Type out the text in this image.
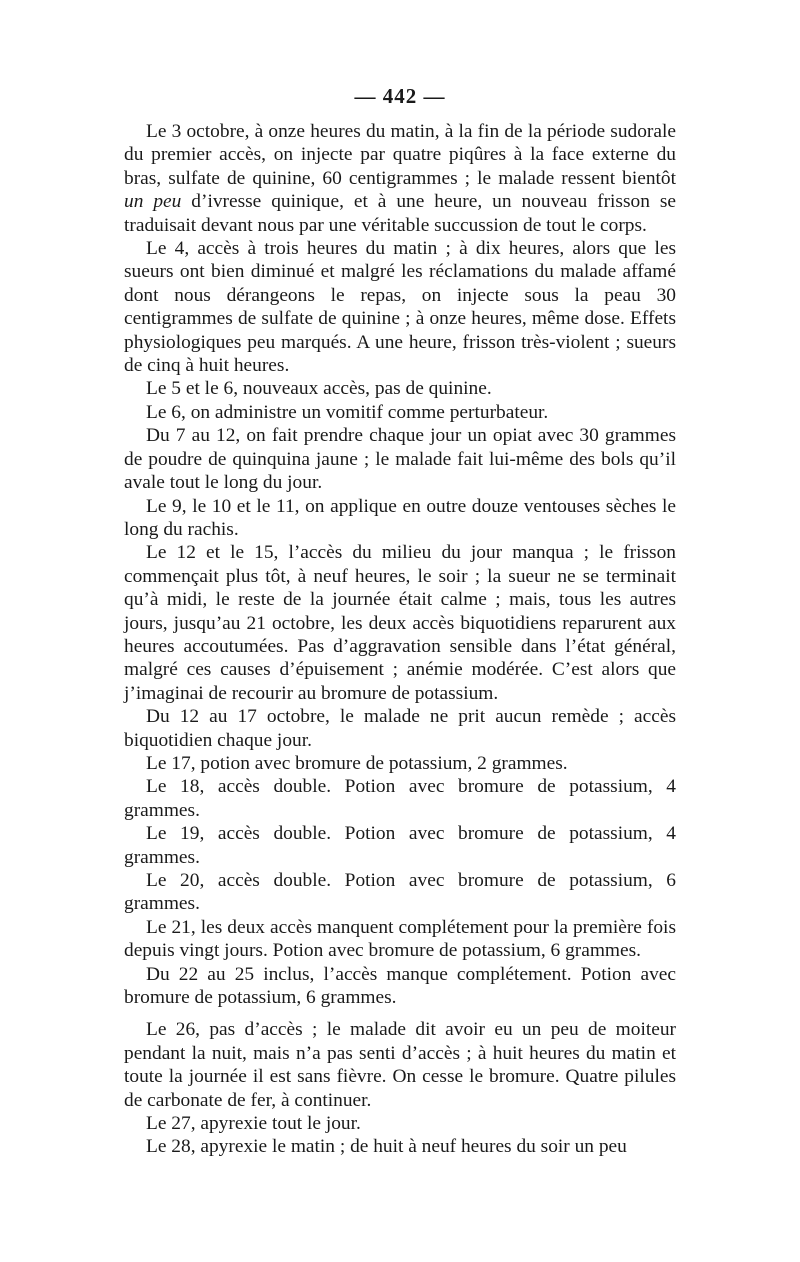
— 442 —

Le 3 octobre, à onze heures du matin, à la fin de la période sudorale du premier accès, on injecte par quatre piqûres à la face externe du bras, sulfate de quinine, 60 centigrammes ; le malade ressent bientôt un peu d’ivresse quinique, et à une heure, un nouveau frisson se traduisait devant nous par une véritable succussion de tout le corps.

Le 4, accès à trois heures du matin ; à dix heures, alors que les sueurs ont bien diminué et malgré les réclamations du malade affamé dont nous dérangeons le repas, on injecte sous la peau 30 centigrammes de sulfate de quinine ; à onze heures, même dose. Effets physiologiques peu marqués. A une heure, frisson très-violent ; sueurs de cinq à huit heures.

Le 5 et le 6, nouveaux accès, pas de quinine.

Le 6, on administre un vomitif comme perturbateur.

Du 7 au 12, on fait prendre chaque jour un opiat avec 30 grammes de poudre de quinquina jaune ; le malade fait lui-même des bols qu’il avale tout le long du jour.

Le 9, le 10 et le 11, on applique en outre douze ventouses sèches le long du rachis.

Le 12 et le 15, l’accès du milieu du jour manqua ; le frisson commençait plus tôt, à neuf heures, le soir ; la sueur ne se terminait qu’à midi, le reste de la journée était calme ; mais, tous les autres jours, jusqu’au 21 octobre, les deux accès biquotidiens reparurent aux heures accoutumées. Pas d’aggravation sensible dans l’état général, malgré ces causes d’épuisement ; anémie modérée. C’est alors que j’imaginai de recourir au bromure de potassium.

Du 12 au 17 octobre, le malade ne prit aucun remède ; accès biquotidien chaque jour.

Le 17, potion avec bromure de potassium, 2 grammes.

Le 18, accès double. Potion avec bromure de potassium, 4 grammes.

Le 19, accès double. Potion avec bromure de potassium, 4 grammes.

Le 20, accès double. Potion avec bromure de potassium, 6 grammes.

Le 21, les deux accès manquent complétement pour la première fois depuis vingt jours. Potion avec bromure de potassium, 6 grammes.

Du 22 au 25 inclus, l’accès manque complétement. Potion avec bromure de potassium, 6 grammes.

Le 26, pas d’accès ; le malade dit avoir eu un peu de moiteur pendant la nuit, mais n’a pas senti d’accès ; à huit heures du matin et toute la journée il est sans fièvre. On cesse le bromure. Quatre pilules de carbonate de fer, à continuer.

Le 27, apyrexie tout le jour.

Le 28, apyrexie le matin ; de huit à neuf heures du soir un peu
